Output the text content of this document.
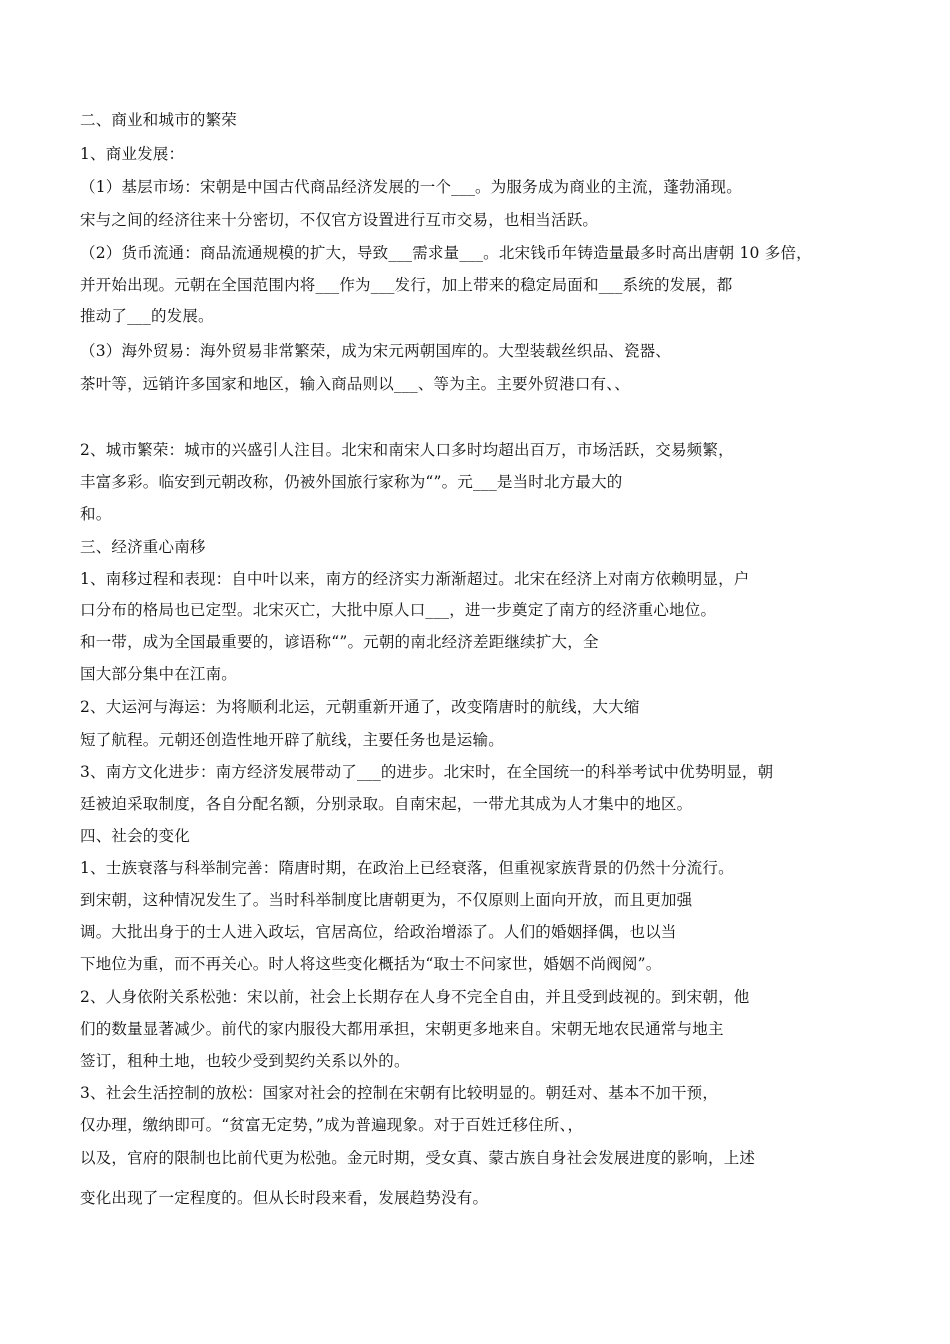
二、商业和城市的繁荣
1、商业发展：
（1）基层市场：宋朝是中国古代商品经济发展的一个___。为服务成为商业的主流，蓬勃涌现。
宋与之间的经济往来十分密切，不仅官方设置进行互市交易，也相当活跃。
（2）货币流通：商品流通规模的扩大，导致___需求量___。北宋钱币年铸造量最多时高出唐朝 10 多倍，
并开始出现。元朝在全国范围内将___作为___发行，加上带来的稳定局面和___系统的发展，都
推动了___的发展。
（3）海外贸易：海外贸易非常繁荣，成为宋元两朝国库的。大型装载丝织品、瓷器、
茶叶等，远销许多国家和地区，输入商品则以___、等为主。主要外贸港口有、、
2、城市繁荣：城市的兴盛引人注目。北宋和南宋人口多时均超出百万，市场活跃，交易频繁，
丰富多彩。临安到元朝改称，仍被外国旅行家称为“”。元___是当时北方最大的
和。
三、经济重心南移
1、南移过程和表现：自中叶以来，南方的经济实力渐渐超过。北宋在经济上对南方依赖明显，户
口分布的格局也已定型。北宋灭亡，大批中原人口___，进一步奠定了南方的经济重心地位。
和一带，成为全国最重要的，谚语称“”。元朝的南北经济差距继续扩大，全
国大部分集中在江南。
2、大运河与海运：为将顺利北运，元朝重新开通了，改变隋唐时的航线，大大缩
短了航程。元朝还创造性地开辟了航线，主要任务也是运输。
3、南方文化进步：南方经济发展带动了___的进步。北宋时，在全国统一的科举考试中优势明显，朝
廷被迫采取制度，各自分配名额，分别录取。自南宋起，一带尤其成为人才集中的地区。
四、社会的变化
1、士族衰落与科举制完善：隋唐时期，在政治上已经衰落，但重视家族背景的仍然十分流行。
到宋朝，这种情况发生了。当时科举制度比唐朝更为，不仅原则上面向开放，而且更加强
调。大批出身于的士人进入政坛，官居高位，给政治增添了。人们的婚姻择偶，也以当
下地位为重，而不再关心。时人将这些变化概括为“取士不问家世，婚姻不尚阀阅”。
2、人身依附关系松弛：宋以前，社会上长期存在人身不完全自由，并且受到歧视的。到宋朝，他
们的数量显著减少。前代的家内服役大都用承担，宋朝更多地来自。宋朝无地农民通常与地主
签订，租种土地，也较少受到契约关系以外的。
3、社会生活控制的放松：国家对社会的控制在宋朝有比较明显的。朝廷对、基本不加干预，
仅办理，缴纳即可。“贫富无定势，”成为普遍现象。对于百姓迁移住所、，
以及，官府的限制也比前代更为松弛。金元时期，受女真、蒙古族自身社会发展进度的影响，上述
变化出现了一定程度的。但从长时段来看，发展趋势没有。
